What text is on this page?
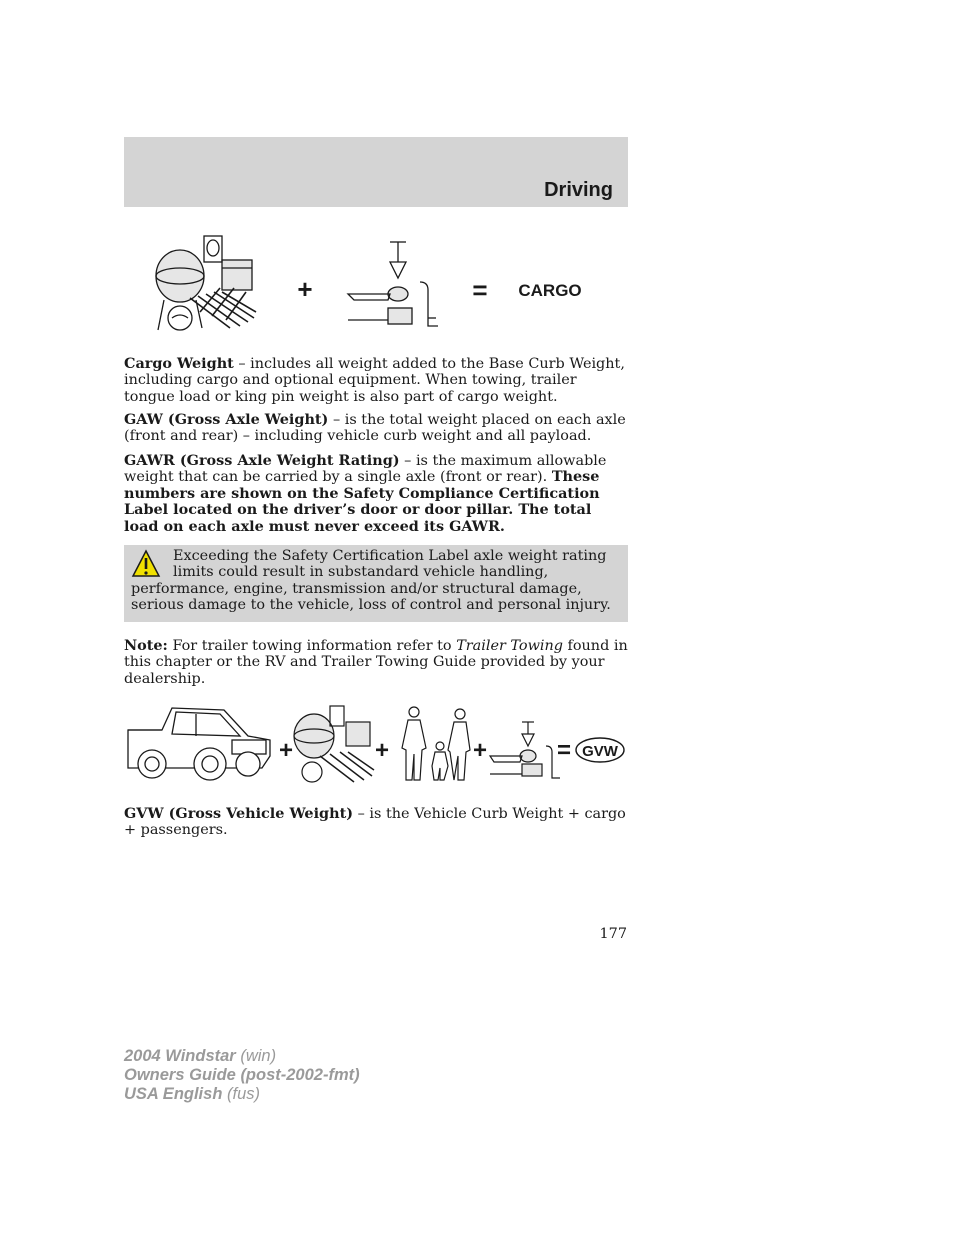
Driving
+	= CARGO

Cargo Weight – includes all weight added to the Base Curb Weight, including cargo and optional equipment. When towing, trailer tongue load or king pin weight is also part of cargo weight.

GAW (Gross Axle Weight) – is the total weight placed on each axle (front and rear) – including vehicle curb weight and all payload.

GAWR (Gross Axle Weight Rating) – is the maximum allowable weight that can be carried by a single axle (front or rear). These numbers are shown on the Safety Compliance Certification Label located on the driver’s door or door pillar. The total load on each axle must never exceed its GAWR.

Exceeding the Safety Certification Label axle weight rating limits could result in substandard vehicle handling, performance, engine, transmission and/or structural damage, serious damage to the vehicle, loss of control and personal injury.

Note: For trailer towing information refer to Trailer Towing found in this chapter or the RV and Trailer Towing Guide provided by your dealership.

+	+	+	= GVW

GVW (Gross Vehicle Weight) – is the Vehicle Curb Weight + cargo + passengers.

177
2004 Windstar (win)
Owners Guide (post-2002-fmt)
USA English (fus)
